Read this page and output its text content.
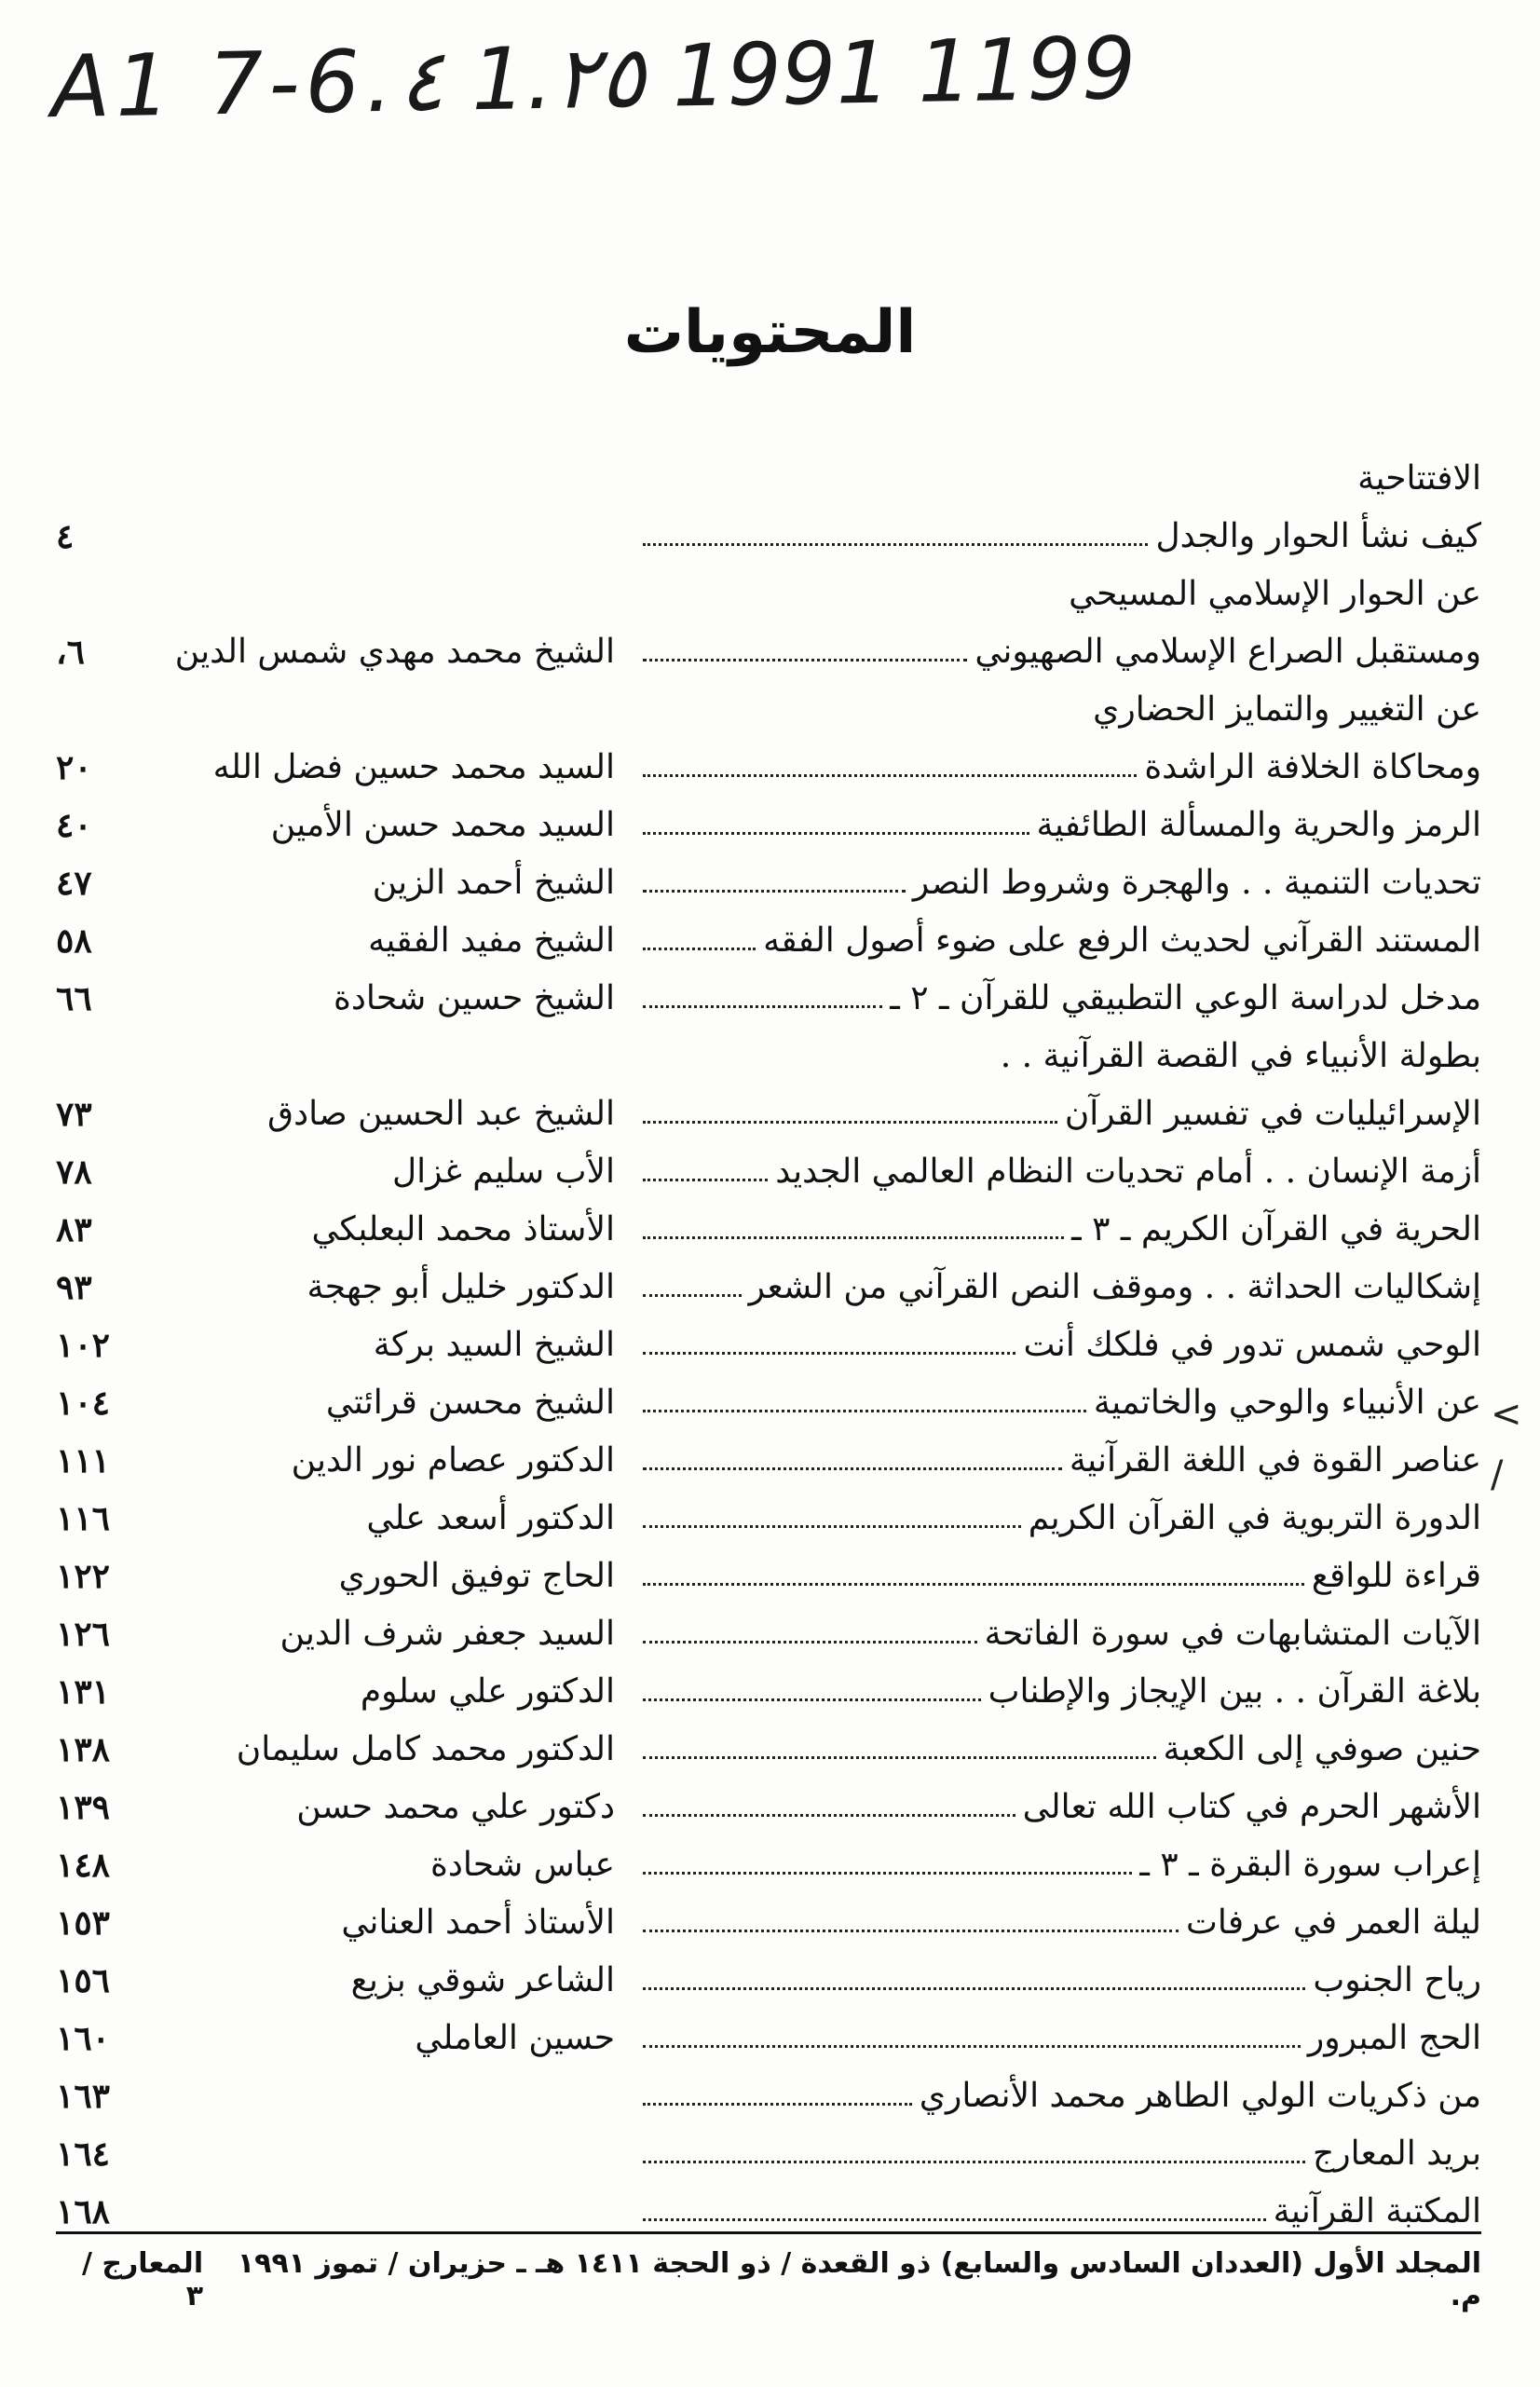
A1 7-6.٤ 1.٢٥ 1991 1199
المحتويات
الافتتاحية
كيف نشأ الحوار والجدل
٤
عن الحوار الإسلامي المسيحي
ومستقبل الصراع الإسلامي الصهيوني
الشيخ محمد مهدي شمس الدين
٦،
عن التغيير والتمايز الحضاري
ومحاكاة الخلافة الراشدة
السيد محمد حسين فضل الله
٢٠
الرمز والحرية والمسألة الطائفية
السيد محمد حسن الأمين
٤٠
تحديات التنمية . . والهجرة وشروط النصر
الشيخ أحمد الزين
٤٧
المستند القرآني لحديث الرفع على ضوء أصول الفقه
الشيخ مفيد الفقيه
٥٨
مدخل لدراسة الوعي التطبيقي للقرآن ـ ٢ ـ
الشيخ حسين شحادة
٦٦
بطولة الأنبياء في القصة القرآنية . .
الإسرائيليات في تفسير القرآن
الشيخ عبد الحسين صادق
٧٣
أزمة الإنسان . . أمام تحديات النظام العالمي الجديد
الأب سليم غزال
٧٨
الحرية في القرآن الكريم ـ ٣ ـ
الأستاذ محمد البعلبكي
٨٣
إشكاليات الحداثة . . وموقف النص القرآني من الشعر
الدكتور خليل أبو جهجة
٩٣
الوحي شمس تدور في فلكك أنت
الشيخ السيد بركة
١٠٢
عن الأنبياء والوحي والخاتمية
الشيخ محسن قرائتي
١٠٤
عناصر القوة في اللغة القرآنية
الدكتور عصام نور الدين
١١١
الدورة التربوية في القرآن الكريم
الدكتور أسعد علي
١١٦
قراءة للواقع
الحاج توفيق الحوري
١٢٢
الآيات المتشابهات في سورة الفاتحة
السيد جعفر شرف الدين
١٢٦
بلاغة القرآن . . بين الإيجاز والإطناب
الدكتور علي سلوم
١٣١
حنين صوفي إلى الكعبة
الدكتور محمد كامل سليمان
١٣٨
الأشهر الحرم في كتاب الله تعالى
دكتور علي محمد حسن
١٣٩
إعراب سورة البقرة ـ ٣ ـ
عباس شحادة
١٤٨
ليلة العمر في عرفات
الأستاذ أحمد العناني
١٥٣
رياح الجنوب
الشاعر شوقي بزيع
١٥٦
الحج المبرور
حسين العاملي
١٦٠
من ذكريات الولي الطاهر محمد الأنصاري
١٦٣
بريد المعارج
١٦٤
المكتبة القرآنية
١٦٨
<
/
المجلد الأول (العددان السادس والسابع) ذو القعدة / ذو الحجة ١٤١١ هـ ـ حزيران / تموز ١٩٩١ م.
المعارج / ٣
